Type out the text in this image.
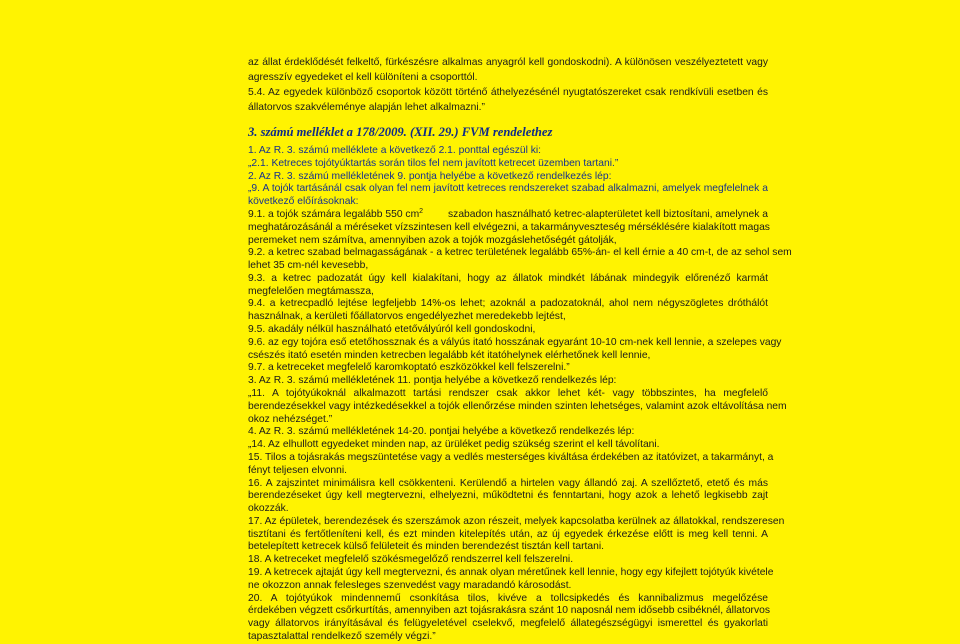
az állat érdeklődését felkeltő, fürkészésre alkalmas anyagról kell gondoskodni). A különösen veszélyeztetett vagy
agresszív egyedeket el kell különíteni a csoporttól.
5.4. Az egyedek különböző csoportok között történő áthelyezésénél nyugtatószereket csak rendkívüli esetben és
állatorvos szakvéleménye alapján lehet alkalmazni.”
3. számú melléklet a 178/2009. (XII. 29.) FVM rendelethez
1. Az R. 3. számú melléklete a következő 2.1. ponttal egészül ki:
„2.1. Ketreces tojótyúktartás során tilos fel nem javított ketrecet üzemben tartani.”
2. Az R. 3. számú mellékletének 9. pontja helyébe a következő rendelkezés lép:
„9. A tojók tartásánál csak olyan fel nem javított ketreces rendszereket szabad alkalmazni, amelyek megfelelnek a
következő előírásoknak:
9.1. a tojók számára legalább 550 $cm^2$ szabadon használható ketrec-alapterületet kell biztosítani, amelynek a
meghatározásánál a méréseket vízszintesen kell elvégezni, a takarmányveszteség mérséklésére kialakított magas
peremeket nem számítva, amennyiben azok a tojók mozgáslehetőségét gátolják,
9.2. a ketrec szabad belmagasságának - a ketrec területének legalább 65%-án- el kell érnie a 40 cm-t, de az sehol sem
lehet 35 cm-nél kevesebb,
9.3. a ketrec padozatát úgy kell kialakítani, hogy az állatok mindkét lábának mindegyik előrenéző karmát
megfelelően megtámassza,
9.4. a ketrecpadló lejtése legfeljebb 14%-os lehet; azoknál a padozatoknál, ahol nem négyszögletes dróthálót
használnak, a kerületi főállatorvos engedélyezhet meredekebb lejtést,
9.5. akadály nélkül használható etetővályúról kell gondoskodni,
9.6. az egy tojóra eső etetőhossznak és a vályús itató hosszának egyaránt 10-10 cm-nek kell lennie, a szelepes vagy
csészés itató esetén minden ketrecben legalább két itatóhelynek elérhetőnek kell lennie,
9.7. a ketreceket megfelelő karomkoptató eszközökkel kell felszerelni.”
3. Az R. 3. számú mellékletének 11. pontja helyébe a következő rendelkezés lép:
„11. A tojótyúkoknál alkalmazott tartási rendszer csak akkor lehet két- vagy többszintes, ha megfelelő
berendezésekkel vagy intézkedésekkel a tojók ellenőrzése minden szinten lehetséges, valamint azok eltávolítása nem
okoz nehézséget.”
4. Az R. 3. számú mellékletének 14-20. pontjai helyébe a következő rendelkezés lép:
„14. Az elhullott egyedeket minden nap, az ürüléket pedig szükség szerint el kell távolítani.
15. Tilos a tojásrakás megszüntetése vagy a vedlés mesterséges kiváltása érdekében az itatóvizet, a takarmányt, a
fényt teljesen elvonni.
16. A zajszintet minimálisra kell csökkenteni. Kerülendő a hirtelen vagy állandó zaj. A szellőztető, etető és más
berendezéseket úgy kell megtervezni, elhelyezni, működtetni és fenntartani, hogy azok a lehető legkisebb zajt
okozzák.
17. Az épületek, berendezések és szerszámok azon részeit, melyek kapcsolatba kerülnek az állatokkal, rendszeresen
tisztítani és fertőtleníteni kell, és ezt minden kitelepítés után, az új egyedek érkezése előtt is meg kell tenni. A
betelepített ketrecek külső felületeit és minden berendezést tisztán kell tartani.
18. A ketreceket megfelelő szökésmegelőző rendszerrel kell felszerelni.
19. A ketrecek ajtaját úgy kell megtervezni, és annak olyan méretűnek kell lennie, hogy egy kifejlett tojótyúk kivétele
ne okozzon annak felesleges szenvedést vagy maradandó károsodást.
20. A tojótyúkok mindennemű csonkítása tilos, kivéve a tollcsipkedés és kannibalizmus megelőzése
érdekében végzett csőrkurtítás, amennyiben azt tojásrakásra szánt 10 naposnál nem idősebb csibéknél, állatorvos
vagy állatorvos irányításával és felügyeletével cselekvő, megfelelő állategészségügyi ismerettel és gyakorlati
tapasztalattal rendelkező személy végzi.”
